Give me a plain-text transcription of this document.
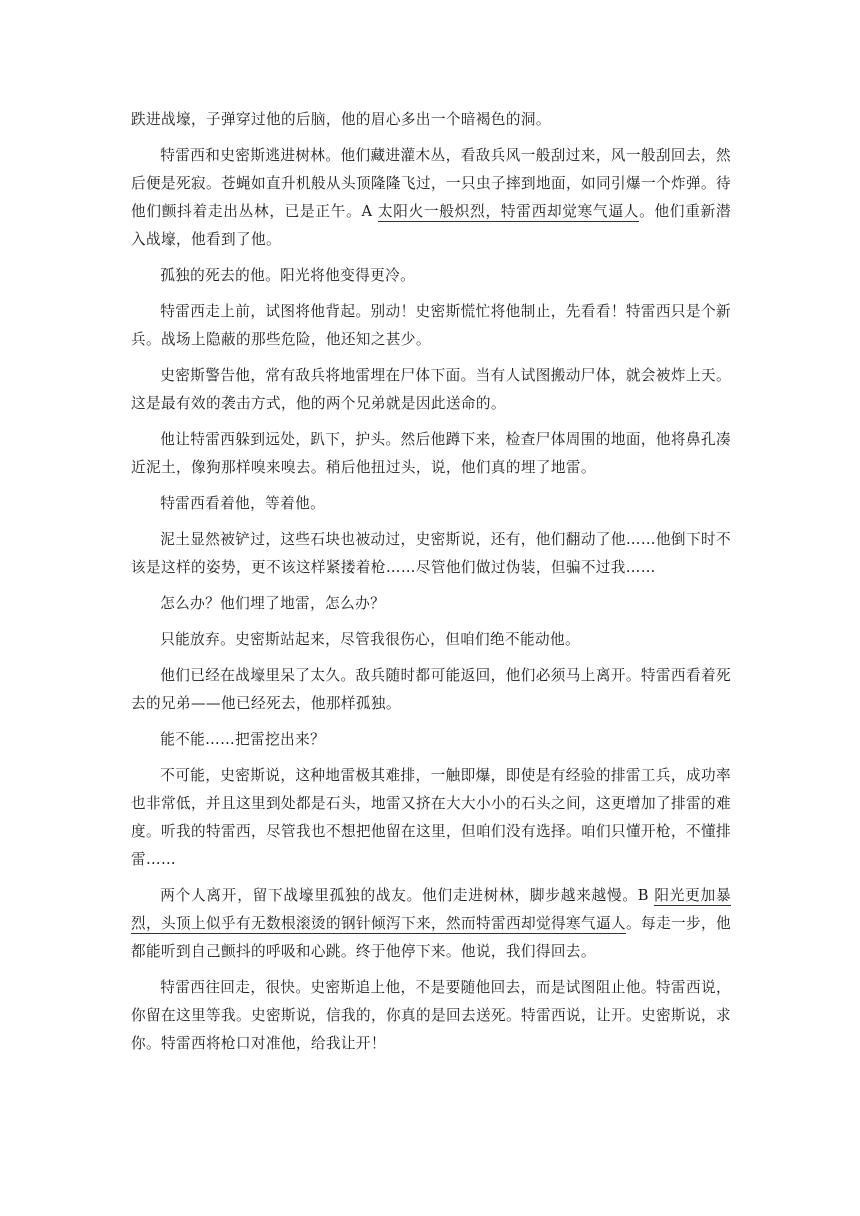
跌进战壕，子弹穿过他的后脑，他的眉心多出一个暗褐色的洞。

特雷西和史密斯逃进树林。他们藏进灌木丛，看敌兵风一般刮过来，风一般刮回去，然后便是死寂。苍蝇如直升机般从头顶隆隆飞过，一只虫子摔到地面，如同引爆一个炸弹。待他们颤抖着走出丛林，已是正午。A 太阳火一般炽烈，特雷西却觉寒气逼人。他们重新潜入战壕，他看到了他。

孤独的死去的他。阳光将他变得更冷。

特雷西走上前，试图将他背起。别动！史密斯慌忙将他制止，先看看！特雷西只是个新兵。战场上隐蔽的那些危险，他还知之甚少。

史密斯警告他，常有敌兵将地雷埋在尸体下面。当有人试图搬动尸体，就会被炸上天。这是最有效的袭击方式，他的两个兄弟就是因此送命的。

他让特雷西躲到远处，趴下，护头。然后他蹲下来，检查尸体周围的地面，他将鼻孔凑近泥土，像狗那样嗅来嗅去。稍后他扭过头，说，他们真的埋了地雷。

特雷西看着他，等着他。

泥土显然被铲过，这些石块也被动过，史密斯说，还有，他们翻动了他……他倒下时不该是这样的姿势，更不该这样紧搂着枪……尽管他们做过伪装，但骗不过我……

怎么办？他们埋了地雷，怎么办？

只能放弃。史密斯站起来，尽管我很伤心，但咱们绝不能动他。

他们已经在战壕里呆了太久。敌兵随时都可能返回，他们必须马上离开。特雷西看着死去的兄弟——他已经死去，他那样孤独。

能不能……把雷挖出来？

不可能，史密斯说，这种地雷极其难排，一触即爆，即使是有经验的排雷工兵，成功率也非常低，并且这里到处都是石头，地雷又挤在大大小小的石头之间，这更增加了排雷的难度。听我的特雷西，尽管我也不想把他留在这里，但咱们没有选择。咱们只懂开枪，不懂排雷……

两个人离开，留下战壕里孤独的战友。他们走进树林，脚步越来越慢。B 阳光更加暴烈，头顶上似乎有无数根滚烫的钢针倾泻下来，然而特雷西却觉得寒气逼人。每走一步，他都能听到自己颤抖的呼吸和心跳。终于他停下来。他说，我们得回去。

特雷西往回走，很快。史密斯追上他，不是要随他回去，而是试图阻止他。特雷西说，你留在这里等我。史密斯说，信我的，你真的是回去送死。特雷西说，让开。史密斯说，求你。特雷西将枪口对准他，给我让开！
